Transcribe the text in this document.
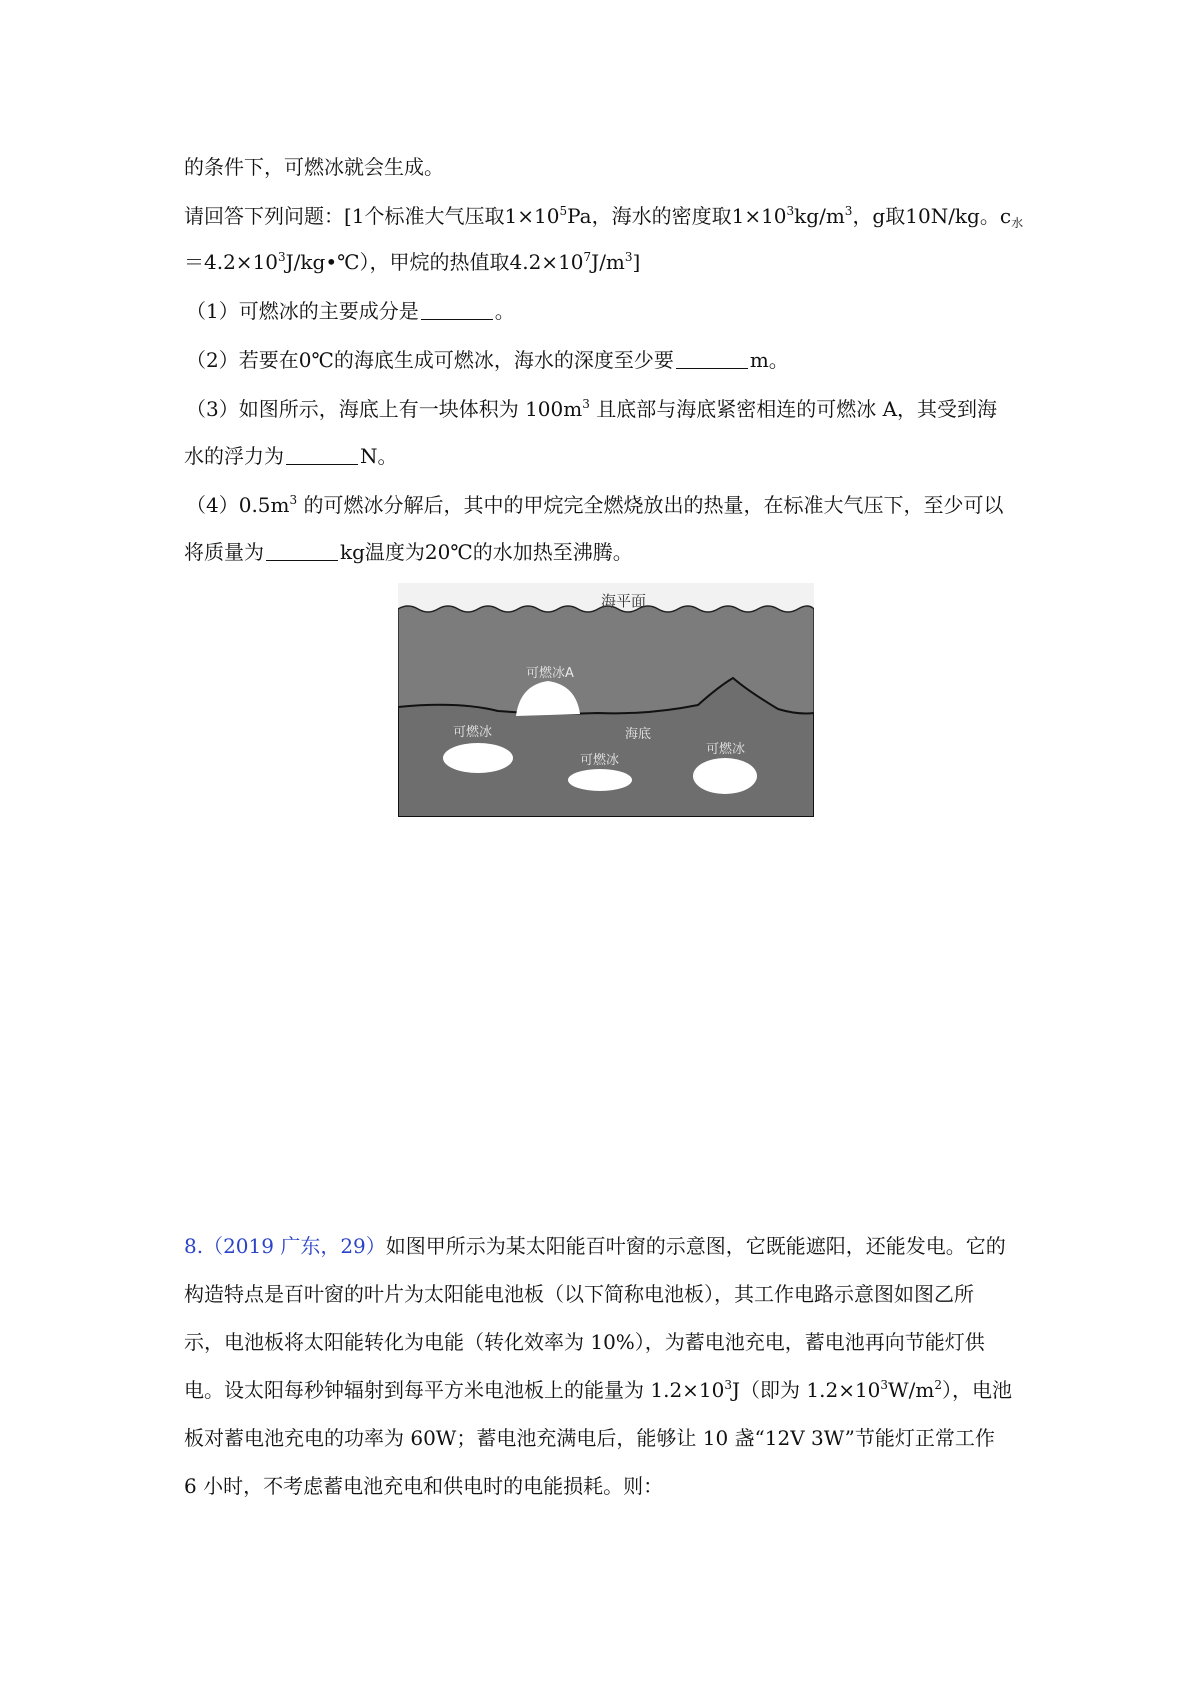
的条件下，可燃冰就会生成。
请回答下列问题：[1个标准大气压取$1\times 10^5Pa$，海水的密度取$1\times 10^3kg/m^3$，g取10N/kg。$c_水$
$=4.2\times 10^3J/kg•℃$），甲烷的热值取$4.2\times 10^7J/m^3$]
（1）可燃冰的主要成分是	。
（2）若要在0℃的海底生成可燃冰，海水的深度至少要	m。
（3）如图所示，海底上有一块体积为 $100m^3$ 且底部与海底紧密相连的可燃冰 A，其受到海
水的浮力为	N。
$(4)0.5m^3$ 的可燃冰分解后，其中的甲烷完全燃烧放出的热量，在标准大气压下，至少可以
将质量为	kg温度为20℃的水加热至沸腾。
海平面
可燃冰A
海底
可燃冰
可燃冰
可燃冰
8.（2019 广东，29）如图甲所示为某太阳能百叶窗的示意图，它既能遮阳，还能发电。它的
构造特点是百叶窗的叶片为太阳能电池板（以下简称电池板），其工作电路示意图如图乙所
示，电池板将太阳能转化为电能（转化效率为 10%），为蓄电池充电，蓄电池再向节能灯供
电。设太阳每秒钟辐射到每平方米电池板上的能量为 $1.2\times 10^3J$（即为 $1.2\times 10^3W/m^2$），电池
板对蓄电池充电的功率为 60W；蓄电池充满电后，能够让 10 盏“12V 3W”节能灯正常工作
6 小时，不考虑蓄电池充电和供电时的电能损耗。则：
